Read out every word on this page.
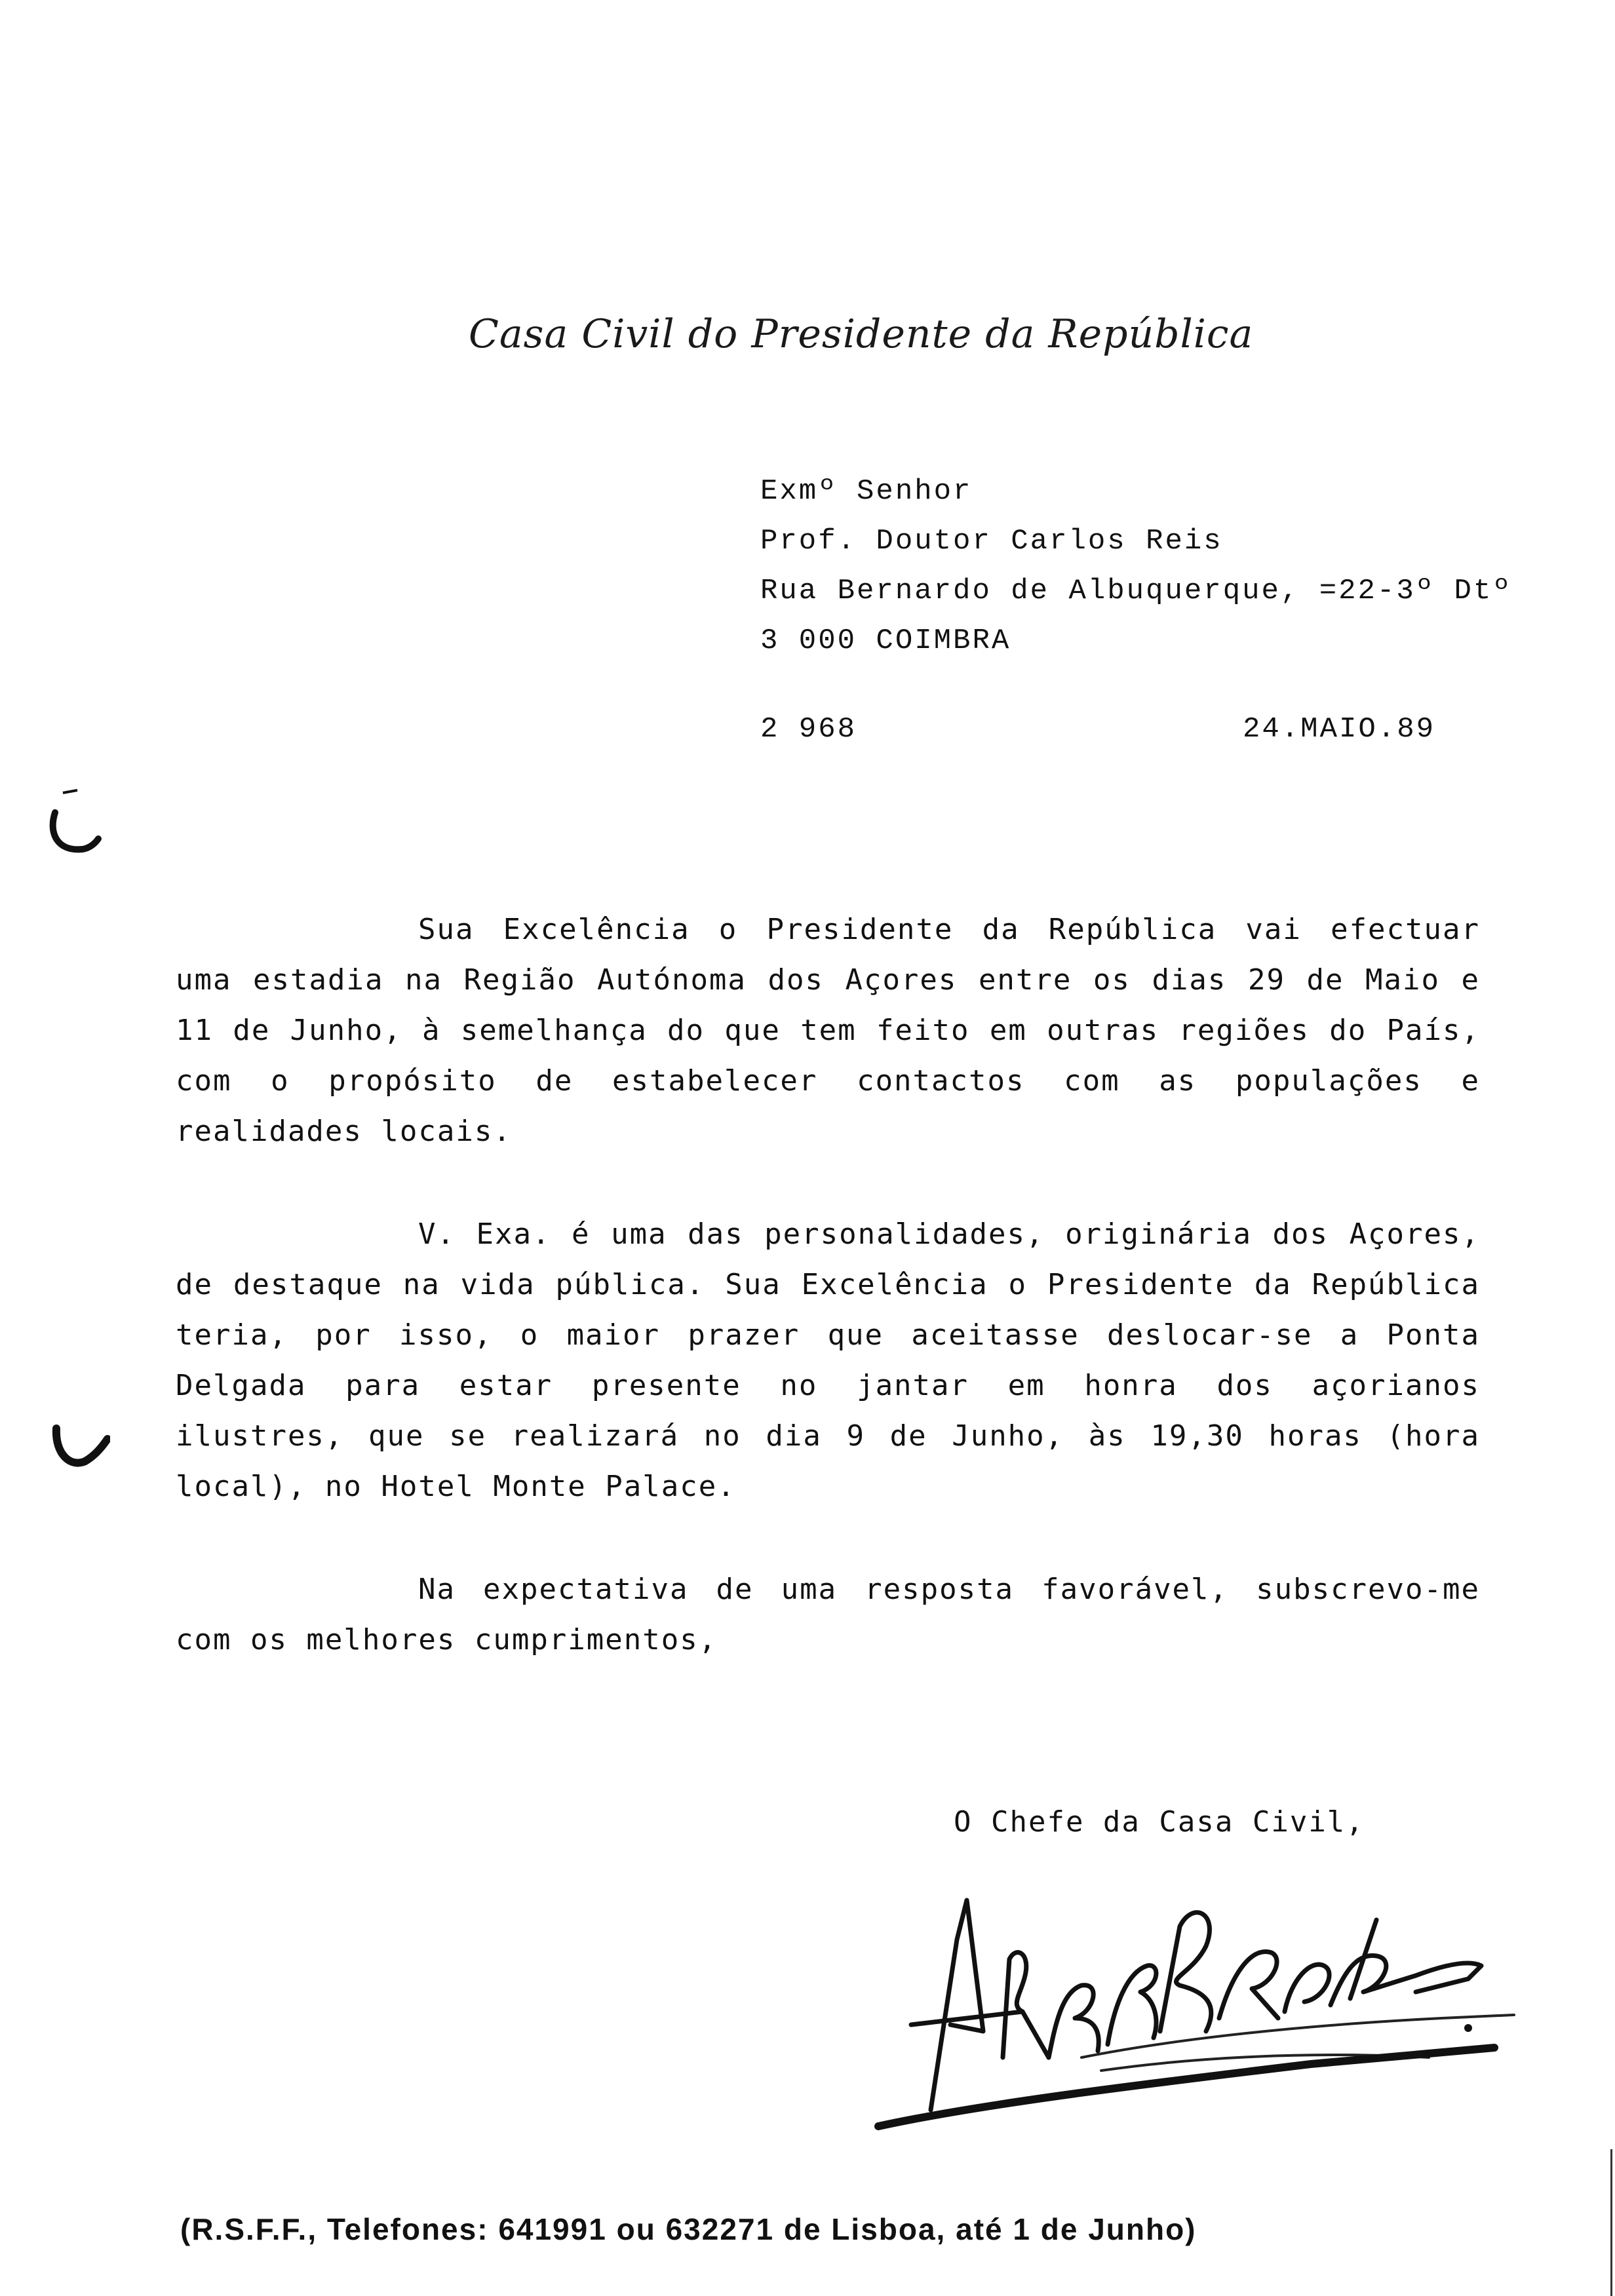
Casa Civil do Presidente da República
Exmº Senhor
Prof. Doutor Carlos Reis
Rua Bernardo de Albuquerque, =22-3º Dtº
3 000 COIMBRA
2 968	24.MAIO.89

Sua Excelência o Presidente da República vai efectuar uma estadia na Região Autónoma dos Açores entre os dias 29 de Maio e 11 de Junho, à semelhança do que tem feito em outras regiões do País, com o propósito de estabelecer contactos com as populações e realidades locais.

V. Exa. é uma das personalidades, originária dos Açores, de destaque na vida pública. Sua Excelência o Presidente da República teria, por isso, o maior prazer que aceitasse deslocar-se a Ponta Delgada para estar presente no jantar em honra dos açorianos ilustres, que se realizará no dia 9 de Junho, às 19,30 horas (hora local), no Hotel Monte Palace.

Na expectativa de uma resposta favorável, subscrevo-me com os melhores cumprimentos,

O Chefe da Casa Civil,
(R.S.F.F., Telefones: 641991 ou 632271 de Lisboa, até 1 de Junho)
